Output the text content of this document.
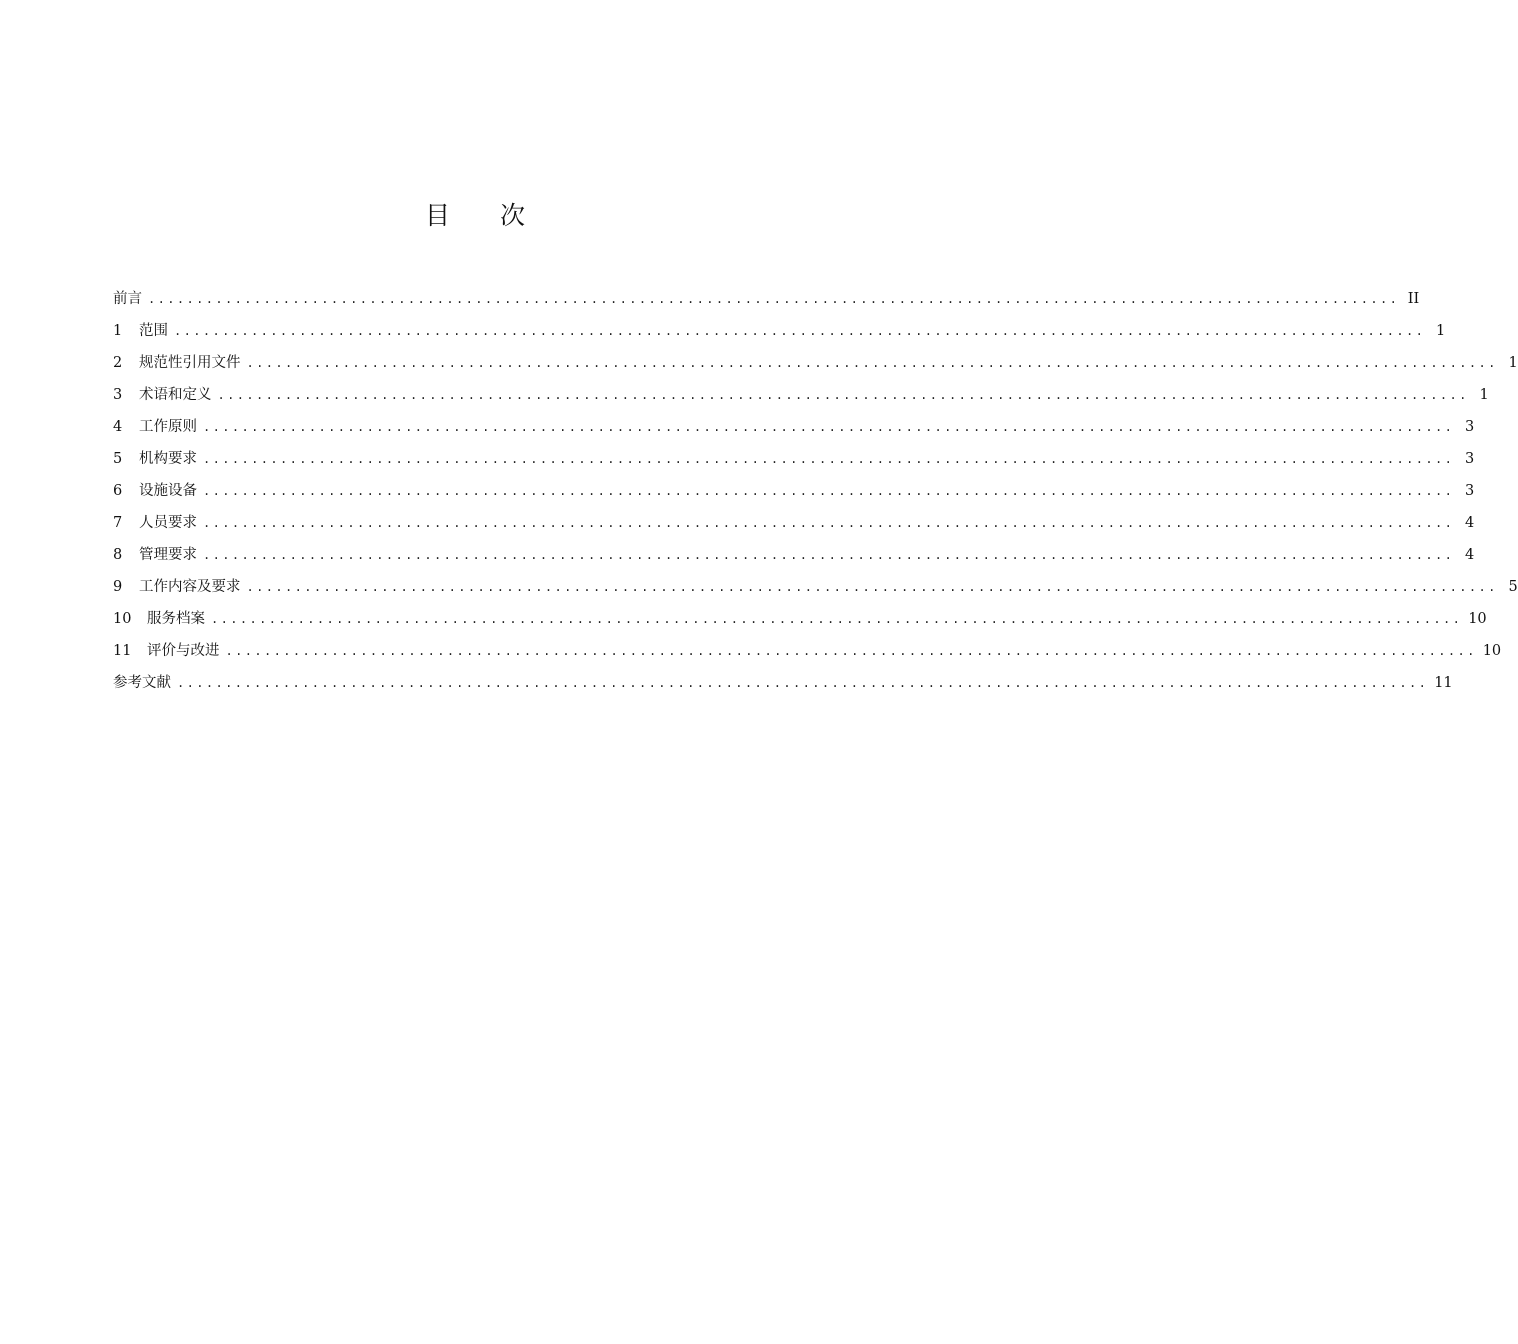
目　　次
前言 .................................................................................................................................. II
1	范围 .................................................................................................................................. 1
2	规范性引用文件 .................................................................................................................................. 1
3	术语和定义 .................................................................................................................................. 1
4	工作原则 .................................................................................................................................. 3
5	机构要求 .................................................................................................................................. 3
6	设施设备 .................................................................................................................................. 3
7	人员要求 .................................................................................................................................. 4
8	管理要求 .................................................................................................................................. 4
9	工作内容及要求 .................................................................................................................................. 5
10	服务档案 .................................................................................................................................. 10
11	评价与改进 .................................................................................................................................. 10
参考文献 .................................................................................................................................. 11
